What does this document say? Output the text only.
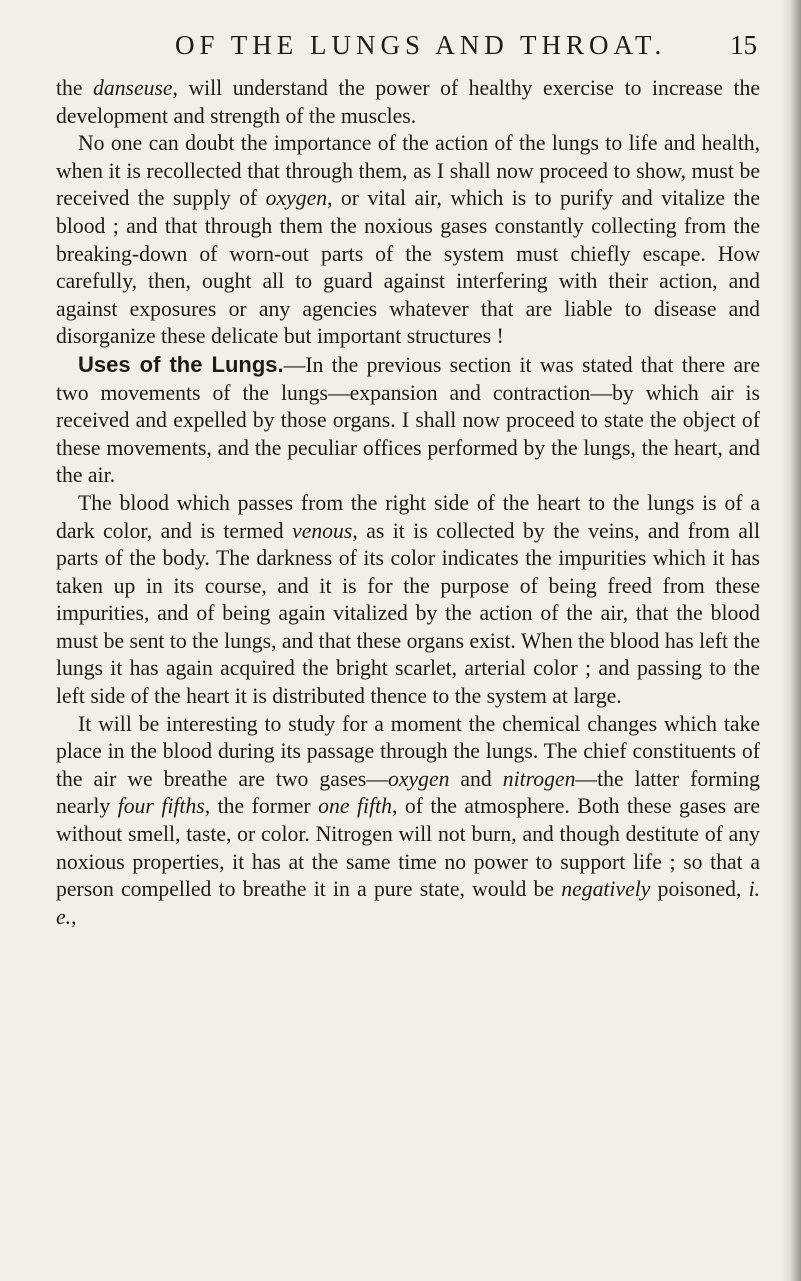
OF THE LUNGS AND THROAT. 15

the danseuse, will understand the power of healthy exercise to increase the development and strength of the muscles.

No one can doubt the importance of the action of the lungs to life and health, when it is recollected that through them, as I shall now proceed to show, must be received the supply of oxygen, or vital air, which is to purify and vitalize the blood ; and that through them the noxious gases constantly collecting from the breaking-down of worn-out parts of the system must chiefly escape. How carefully, then, ought all to guard against interfering with their action, and against exposures or any agencies whatever that are liable to disease and disorganize these delicate but important structures !

Uses of the Lungs.—In the previous section it was stated that there are two movements of the lungs—expansion and contraction—by which air is received and expelled by those organs. I shall now proceed to state the object of these movements, and the peculiar offices performed by the lungs, the heart, and the air.

The blood which passes from the right side of the heart to the lungs is of a dark color, and is termed venous, as it is collected by the veins, and from all parts of the body. The darkness of its color indicates the impurities which it has taken up in its course, and it is for the purpose of being freed from these impurities, and of being again vitalized by the action of the air, that the blood must be sent to the lungs, and that these organs exist. When the blood has left the lungs it has again acquired the bright scarlet, arterial color ; and passing to the left side of the heart it is distributed thence to the system at large.

It will be interesting to study for a moment the chemical changes which take place in the blood during its passage through the lungs. The chief constituents of the air we breathe are two gases—oxygen and nitrogen—the latter forming nearly four fifths, the former one fifth, of the atmosphere. Both these gases are without smell, taste, or color. Nitrogen will not burn, and though destitute of any noxious properties, it has at the same time no power to support life ; so that a person compelled to breathe it in a pure state, would be negatively poisoned, i. e.,
